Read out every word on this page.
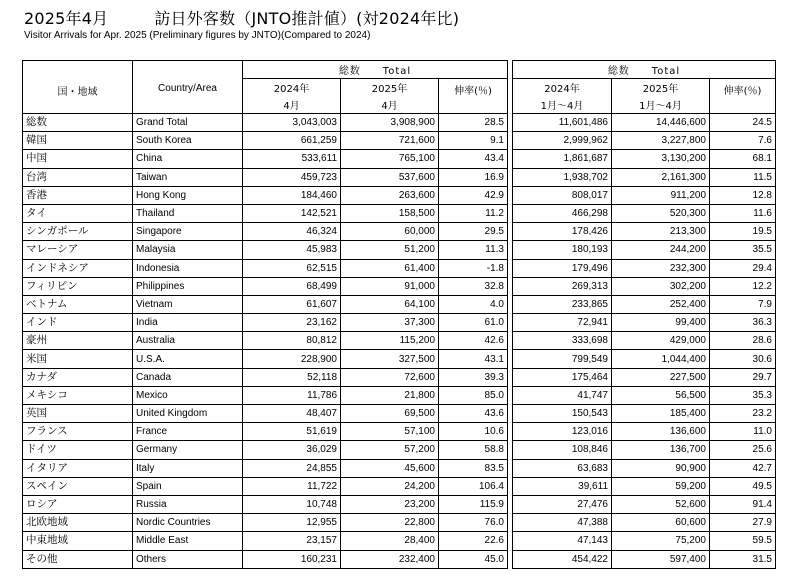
2025年4月	訪日外客数（JNTO推計値）(対2024年比)
Visitor Arrivals for Apr. 2025 (Preliminary figures by JNTO)(Compared to 2024)
国・地域	Country/Area	総数　　Total				総数　　Total		
		2024年	2025年	伸率(％)		2024年	2025年	伸率(％)
		4月	4月			1月～4月	1月～4月	
総数	Grand Total	3,043,003	3,908,900	28.5		11,601,486	14,446,600	24.5
韓国	South Korea	661,259	721,600	9.1		2,999,962	3,227,800	7.6
中国	China	533,611	765,100	43.4		1,861,687	3,130,200	68.1
台湾	Taiwan	459,723	537,600	16.9		1,938,702	2,161,300	11.5
香港	Hong Kong	184,460	263,600	42.9		808,017	911,200	12.8
タイ	Thailand	142,521	158,500	11.2		466,298	520,300	11.6
シンガポール	Singapore	46,324	60,000	29.5		178,426	213,300	19.5
マレーシア	Malaysia	45,983	51,200	11.3		180,193	244,200	35.5
インドネシア	Indonesia	62,515	61,400	-1.8		179,496	232,300	29.4
フィリピン	Philippines	68,499	91,000	32.8		269,313	302,200	12.2
ベトナム	Vietnam	61,607	64,100	4.0		233,865	252,400	7.9
インド	India	23,162	37,300	61.0		72,941	99,400	36.3
豪州	Australia	80,812	115,200	42.6		333,698	429,000	28.6
米国	U.S.A.	228,900	327,500	43.1		799,549	1,044,400	30.6
カナダ	Canada	52,118	72,600	39.3		175,464	227,500	29.7
メキシコ	Mexico	11,786	21,800	85.0		41,747	56,500	35.3
英国	United Kingdom	48,407	69,500	43.6		150,543	185,400	23.2
フランス	France	51,619	57,100	10.6		123,016	136,600	11.0
ドイツ	Germany	36,029	57,200	58.8		108,846	136,700	25.6
イタリア	Italy	24,855	45,600	83.5		63,683	90,900	42.7
スペイン	Spain	11,722	24,200	106.4		39,611	59,200	49.5
ロシア	Russia	10,748	23,200	115.9		27,476	52,600	91.4
北欧地域	Nordic Countries	12,955	22,800	76.0		47,388	60,600	27.9
中東地域	Middle East	23,157	28,400	22.6		47,143	75,200	59.5
その他	Others	160,231	232,400	45.0		454,422	597,400	31.5
